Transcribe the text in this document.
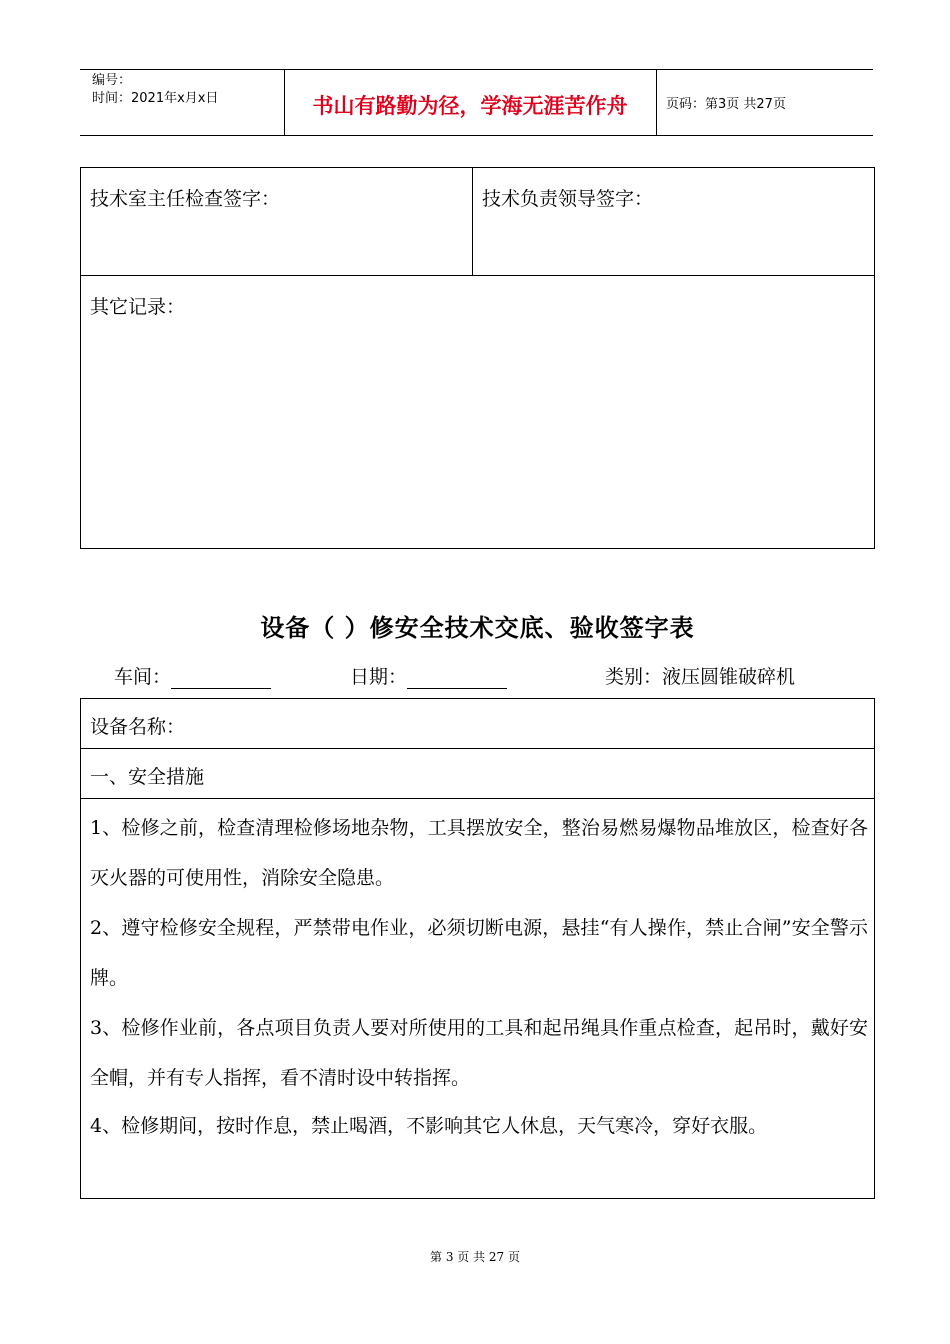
编号：
时间：2021年x月x日	书山有路勤为径，学海无涯苦作舟	页码：第3页 共27页
技术室主任检查签字：	技术负责领导签字：
其它记录：
设备（ ）修安全技术交底、验收签字表
车间：	日期：	类别：液压圆锥破碎机
设备名称：
一、安全措施
1、检修之前，检查清理检修场地杂物，工具摆放安全，整治易燃易爆物品堆放区，检查好各灭火器的可使用性，消除安全隐患。
2、遵守检修安全规程，严禁带电作业，必须切断电源，悬挂“有人操作，禁止合闸”安全警示牌。
3、检修作业前，各点项目负责人要对所使用的工具和起吊绳具作重点检查，起吊时，戴好安全帽，并有专人指挥，看不清时设中转指挥。
4、检修期间，按时作息，禁止喝酒，不影响其它人休息，天气寒冷，穿好衣服。
第 3 页 共 27 页
